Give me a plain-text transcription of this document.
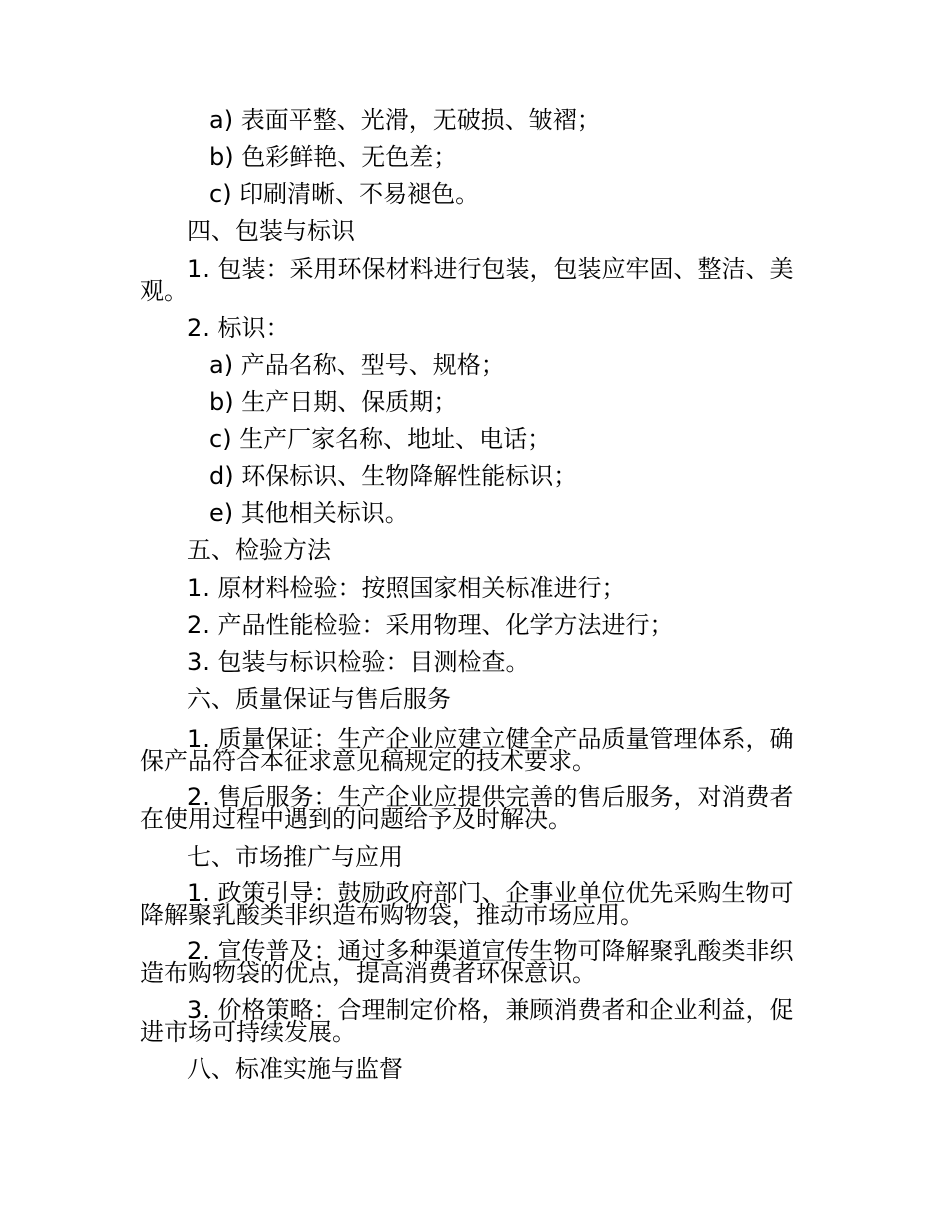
a) 表面平整、光滑，无破损、皱褶；
b) 色彩鲜艳、无色差；
c) 印刷清晰、不易褪色。
四、包装与标识
1. 包装：采用环保材料进行包装，包装应牢固、整洁、美观。
2. 标识：
a) 产品名称、型号、规格；
b) 生产日期、保质期；
c) 生产厂家名称、地址、电话；
d) 环保标识、生物降解性能标识；
e) 其他相关标识。
五、检验方法
1. 原材料检验：按照国家相关标准进行；
2. 产品性能检验：采用物理、化学方法进行；
3. 包装与标识检验：目测检查。
六、质量保证与售后服务
1. 质量保证：生产企业应建立健全产品质量管理体系，确保产品符合本征求意见稿规定的技术要求。
2. 售后服务：生产企业应提供完善的售后服务，对消费者在使用过程中遇到的问题给予及时解决。
七、市场推广与应用
1. 政策引导：鼓励政府部门、企事业单位优先采购生物可降解聚乳酸类非织造布购物袋，推动市场应用。
2. 宣传普及：通过多种渠道宣传生物可降解聚乳酸类非织造布购物袋的优点，提高消费者环保意识。
3. 价格策略：合理制定价格，兼顾消费者和企业利益，促进市场可持续发展。
八、标准实施与监督
